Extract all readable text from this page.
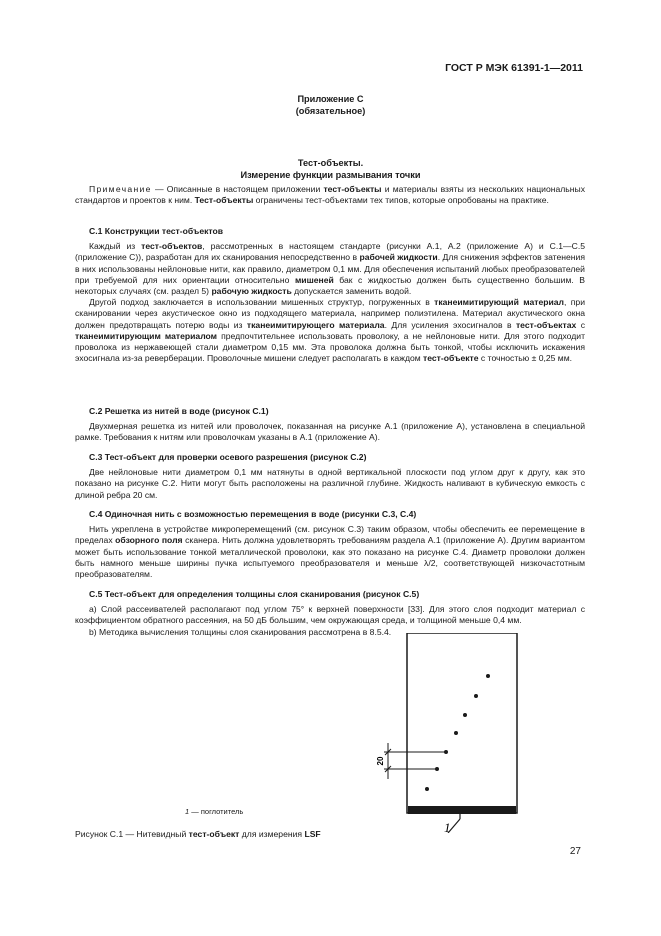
ГОСТ Р МЭК 61391-1—2011
Приложение С
(обязательное)
Тест-объекты.
Измерение функции размывания точки

Примечание — Описанные в настоящем приложении тест-объекты и материалы взяты из нескольких национальных стандартов и проектов к ним. Тест-объекты ограничены тест-объектами тех типов, которые опробованы на практике.

С.1 Конструкции тест-объектов

Каждый из тест-объектов, рассмотренных в настоящем стандарте (рисунки А.1, А.2 (приложение А) и С.1—С.5 (приложение С)), разработан для их сканирования непосредственно в рабочей жидкости. Для снижения эффектов затенения в них использованы нейлоновые нити, как правило, диаметром 0,1 мм. Для обеспечения испытаний любых преобразователей при требуемой для них ориентации относительно мишеней бак с жидкостью должен быть существенно большим. В некоторых случаях (см. раздел 5) рабочую жидкость допускается заменить водой.

Другой подход заключается в использовании мишенных структур, погруженных в тканеимитирующий материал, при сканировании через акустическое окно из подходящего материала, например полиэтилена. Материал акустического окна должен предотвращать потерю воды из тканеимитирующего материала. Для усиления эхосигналов в тест-объектах с тканеимитирующим материалом предпочтительнее использовать проволоку, а не нейлоновые нити. Для этого подходит проволока из нержавеющей стали диаметром 0,15 мм. Эта проволока должна быть тонкой, чтобы исключить искажения эхосигнала из-за реверберации. Проволочные мишени следует располагать в каждом тест-объекте с точностью ± 0,25 мм.

С.2 Решетка из нитей в воде (рисунок С.1)

Двухмерная решетка из нитей или проволочек, показанная на рисунке А.1 (приложение А), установлена в специальной рамке. Требования к нитям или проволочкам указаны в А.1 (приложение А).

С.3 Тест-объект для проверки осевого разрешения (рисунок С.2)

Две нейлоновые нити диаметром 0,1 мм натянуты в одной вертикальной плоскости под углом друг к другу, как это показано на рисунке С.2. Нити могут быть расположены на различной глубине. Жидкость наливают в кубическую емкость с длиной ребра 20 см.

С.4 Одиночная нить с возможностью перемещения в воде (рисунки С.3, С.4)

Нить укреплена в устройстве микроперемещений (см. рисунок С.3) таким образом, чтобы обеспечить ее перемещение в пределах обзорного поля сканера. Нить должна удовлетворять требованиям раздела А.1 (приложение А). Другим вариантом может быть использование тонкой металлической проволоки, как это показано на рисунке С.4. Диаметр проволоки должен быть намного меньше ширины пучка испытуемого преобразователя и меньше λ/2, соответствующей низкочастотным преобразователям.

С.5 Тест-объект для определения толщины слоя сканирования (рисунок С.5)

а) Слой рассеивателей располагают под углом 75° к верхней поверхности [33]. Для этого слоя подходит материал с коэффициентом обратного рассеяния, на 50 дБ большим, чем окружающая среда, и толщиной меньше 0,4 мм.

b) Методика вычисления толщины слоя сканирования рассмотрена в 8.5.4.

20
1
1 — поглотитель
Рисунок С.1 — Нитевидный тест-объект для измерения LSF
27
